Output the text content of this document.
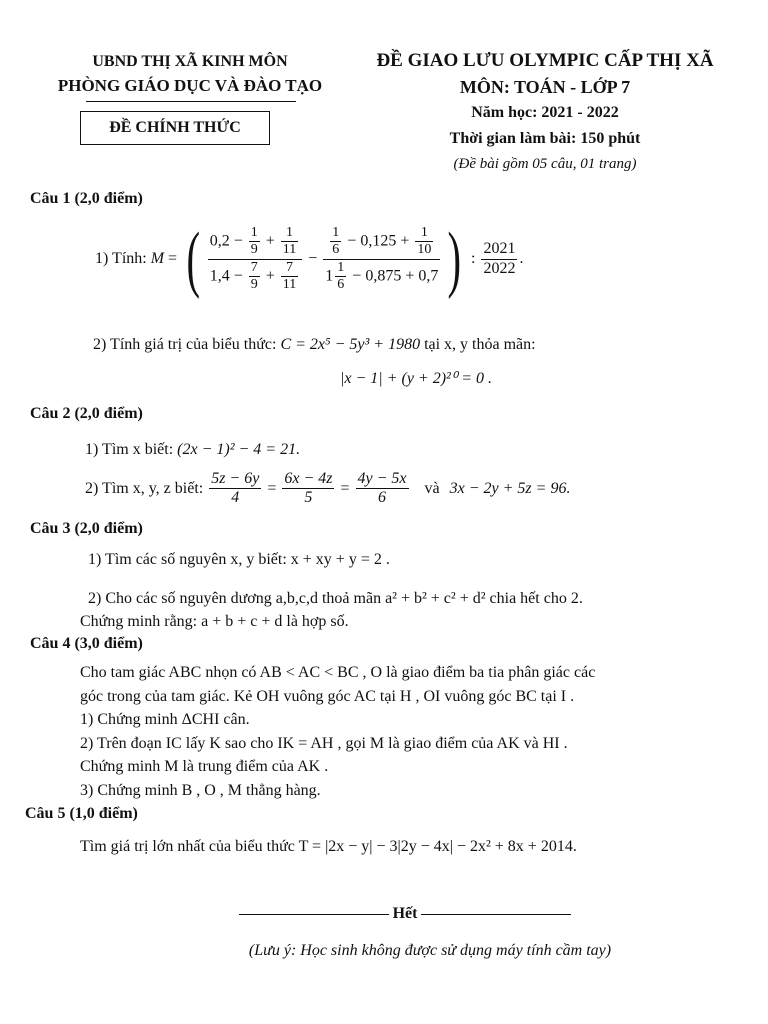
UBND THỊ XÃ KINH MÔN
PHÒNG GIÁO DỤC VÀ ĐÀO TẠO
ĐỀ CHÍNH THỨC
ĐỀ GIAO LƯU OLYMPIC CẤP THỊ XÃ
MÔN: TOÁN - LỚP 7
Năm học: 2021 - 2022
Thời gian làm bài: 150 phút
(Đề bài gồm 05 câu, 01 trang)
Câu 1 (2,0 điểm)
1) Tính: M = ( $\frac{0,2 - \frac{1}{9} + \frac{1}{11}}{1,4 - \frac{7}{9} + \frac{7}{11}} - \frac{\frac{1}{6} - 0,125 + \frac{1}{10}}{1 \frac{1}{6} - 0,875 + 0,7}$ ) : $\frac{2021}{2022}$ .
2) Tính giá trị của biểu thức: C = 2x⁵ − 5y³ + 1980 tại x, y thỏa mãn:
|x − 1| + (y + 2)²⁰ = 0 .
Câu 2 (2,0 điểm)
1) Tìm x biết: (2x − 1)² − 4 = 21.
2) Tìm x, y, z biết: $\frac{5z - 6y}{4} = \frac{6x - 4z}{5} = \frac{4y - 5x}{6}$ và 3x − 2y + 5z = 96.
Câu 3 (2,0 điểm)
1) Tìm các số nguyên x, y biết: x + xy + y = 2 .
2) Cho các số nguyên dương a,b,c,d thoả mãn a² + b² + c² + d² chia hết cho 2.
Chứng minh rằng: a + b + c + d là hợp số.
Câu 4 (3,0 điểm)
Cho tam giác ABC nhọn có AB < AC < BC , O là giao điểm ba tia phân giác các
góc trong của tam giác. Kẻ OH vuông góc AC tại H , OI vuông góc BC tại I .
1) Chứng minh ΔCHI cân.
2) Trên đoạn IC lấy K sao cho IK = AH , gọi M là giao điểm của AK và HI .
Chứng minh M là trung điểm của AK .
3) Chứng minh B , O , M thẳng hàng.
Câu 5 (1,0 điểm)
Tìm giá trị lớn nhất của biểu thức T = |2x − y| − 3|2y − 4x| − 2x² + 8x + 2014.
Hết
(Lưu ý: Học sinh không được sử dụng máy tính cầm tay)
